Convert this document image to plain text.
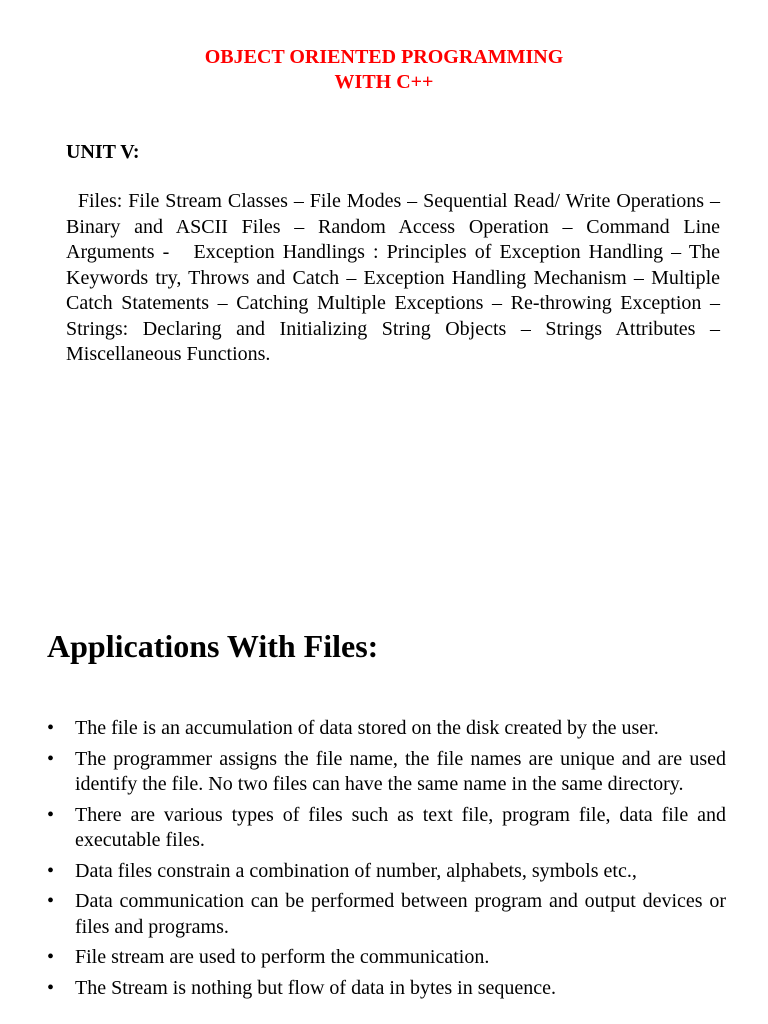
OBJECT ORIENTED PROGRAMMING
WITH C++
UNIT V:

Files: File Stream Classes – File Modes – Sequential Read/ Write Operations – Binary and ASCII Files – Random Access Operation – Command Line Arguments -   Exception Handlings : Principles of Exception Handling – The Keywords try, Throws and Catch – Exception Handling Mechanism – Multiple Catch Statements – Catching Multiple Exceptions – Re-throwing Exception – Strings: Declaring and Initializing String Objects – Strings Attributes – Miscellaneous Functions.

Applications With Files:
•	The file is an accumulation of data stored on the disk created by the user.
•	The programmer assigns the file name, the file names are unique and are used identify the file. No two files can have the same name in the same directory.
•	There are various types of files such as text file, program file, data file and executable files.
•	Data files constrain a combination of number, alphabets, symbols etc.,
•	Data communication can be performed between program and output devices or files and programs.
•	File stream are used to perform the communication.
•	The Stream is nothing but flow of data in bytes in sequence.
